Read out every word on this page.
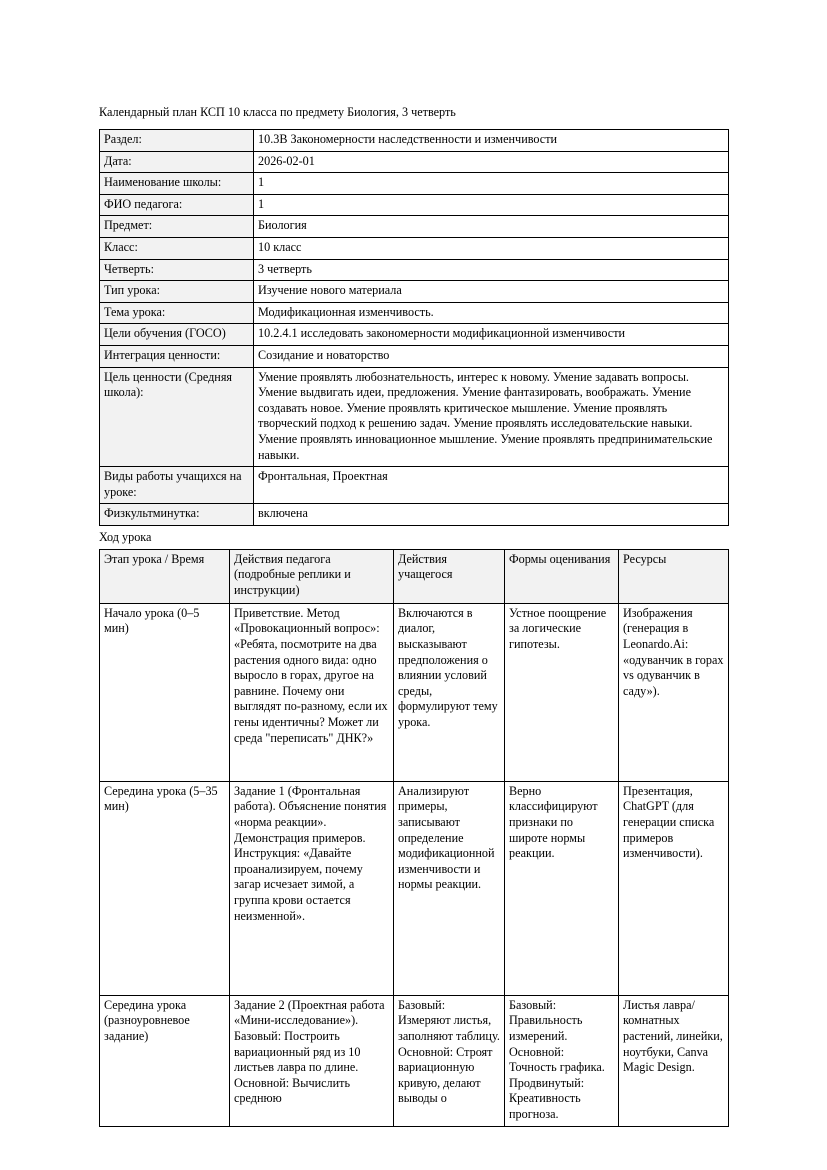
Календарный план КСП 10 класса по предмету Биология, 3 четверть
Раздел:	10.3В Закономерности наследственности и изменчивости
Дата:	2026-02-01
Наименование школы:	1
ФИО педагога:	1
Предмет:	Биология
Класс:	10 класс
Четверть:	3 четверть
Тип урока:	Изучение нового материала
Тема урока:	Модификационная изменчивость.
Цели обучения (ГОСО)	10.2.4.1 исследовать закономерности модификационной изменчивости
Интеграция ценности:	Созидание и новаторство
Цель ценности (Средняя школа):	Умение проявлять любознательность, интерес к новому. Умение задавать вопросы. Умение выдвигать идеи, предложения. Умение фантазировать, воображать. Умение создавать новое. Умение проявлять критическое мышление. Умение проявлять творческий подход к решению задач. Умение проявлять исследовательские навыки. Умение проявлять инновационное мышление. Умение проявлять предпринимательские навыки.
Виды работы учащихся на уроке:	Фронтальная, Проектная
Физкультминутка:	включена
Ход урока
Этап урока / Время	Действия педагога (подробные реплики и инструкции)	Действия учащегося	Формы оценивания	Ресурсы
Начало урока (0–5 мин)	Приветствие. Метод «Провокационный вопрос»: «Ребята, посмотрите на два растения одного вида: одно выросло в горах, другое на равнине. Почему они выглядят по-разному, если их гены идентичны? Может ли среда "переписать" ДНК?»	Включаются в диалог, высказывают предположения о влиянии условий среды, формулируют тему урока.	Устное поощрение за логические гипотезы.	Изображения (генерация в Leonardo.Ai: «одуванчик в горах vs одуванчик в саду»).
Середина урока (5–35 мин)	Задание 1 (Фронтальная работа). Объяснение понятия «норма реакции». Демонстрация примеров. Инструкция: «Давайте проанализируем, почему загар исчезает зимой, а группа крови остается неизменной».	Анализируют примеры, записывают определение модификационной изменчивости и нормы реакции.	Верно классифицируют признаки по широте нормы реакции.	Презентация, ChatGPT (для генерации списка примеров изменчивости).
Середина урока (разноуровневое задание)	Задание 2 (Проектная работа «Мини-исследование»). Базовый: Построить вариационный ряд из 10 листьев лавра по длине. Основной: Вычислить среднюю	Базовый: Измеряют листья, заполняют таблицу. Основной: Строят вариационную кривую, делают выводы о	Базовый: Правильность измерений. Основной: Точность графика. Продвинутый: Креативность прогноза.	Листья лавра/комнатных растений, линейки, ноутбуки, Canva Magic Design.
